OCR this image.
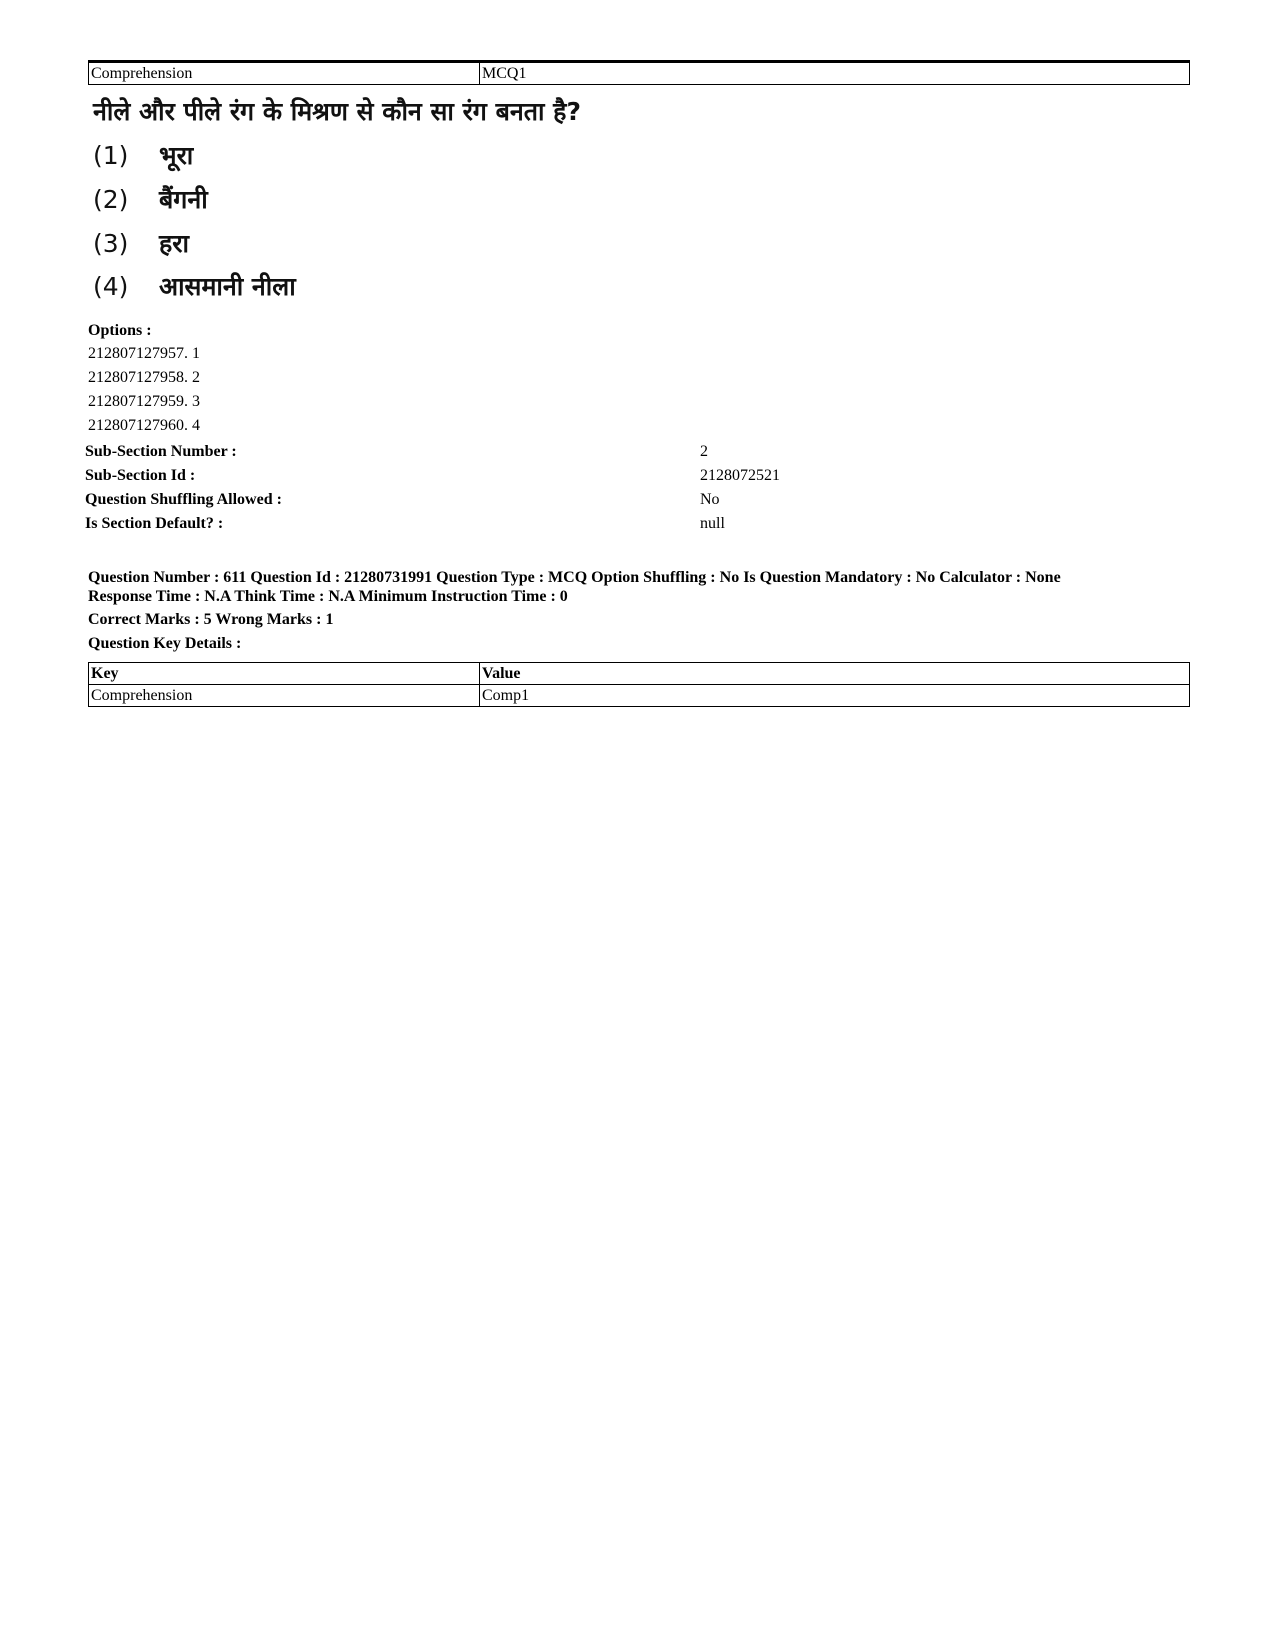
Comprehension	MCQ1

नीले और पीले रंग के मिश्रण से कौन सा रंग बनता है?

(1) भूरा
(2) बैंगनी
(3) हरा
(4) आसमानी नीला
Options :
212807127957. 1
212807127958. 2
212807127959. 3
212807127960. 4
Sub-Section Number :	2
Sub-Section Id :	2128072521
Question Shuffling Allowed :	No
Is Section Default? :	null
Question Number : 611 Question Id : 21280731991 Question Type : MCQ Option Shuffling : No Is Question Mandatory : No Calculator : None
Response Time : N.A Think Time : N.A Minimum Instruction Time : 0
Correct Marks : 5 Wrong Marks : 1
Question Key Details :
Key	Value
Comprehension	Comp1
